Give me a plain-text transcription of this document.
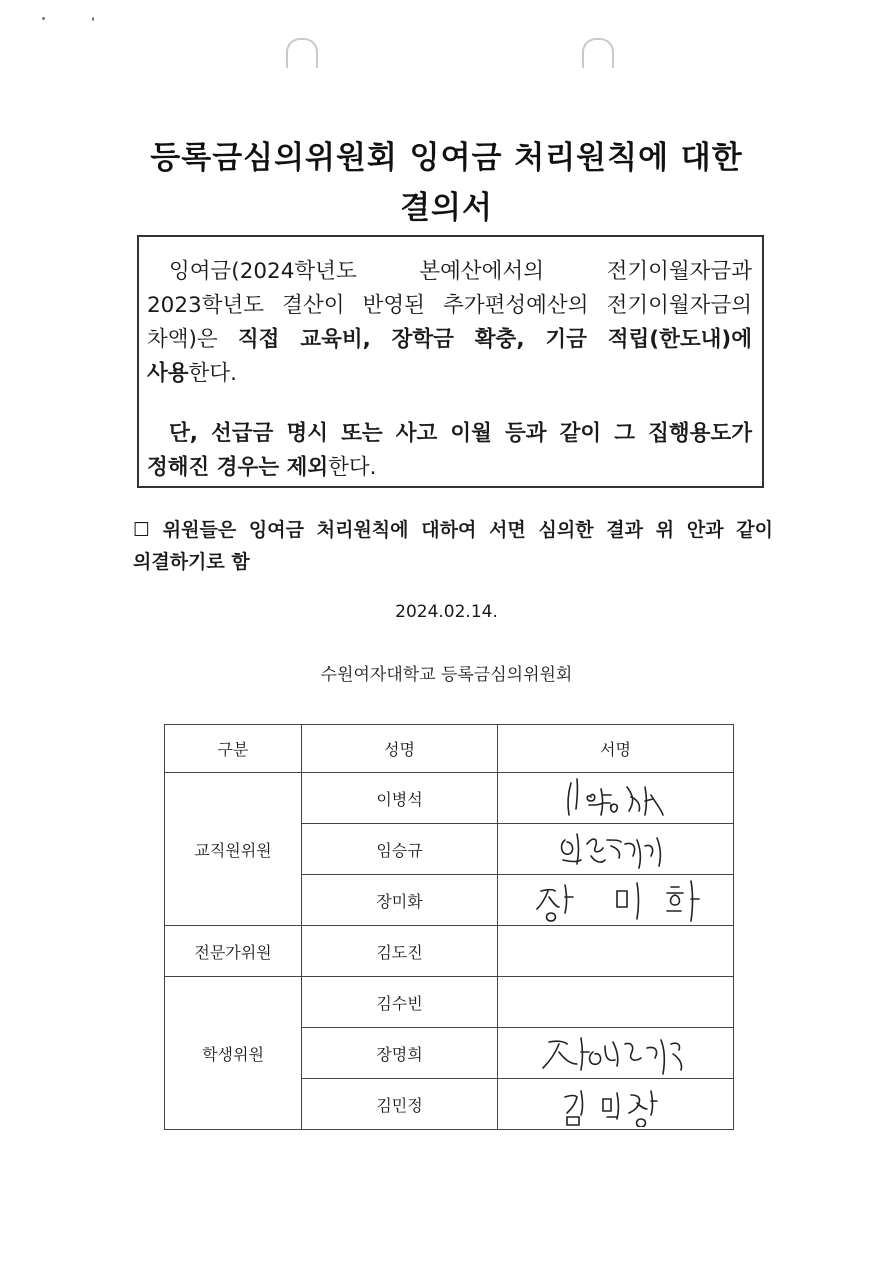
등록금심의위원회 잉여금 처리원칙에 대한
결의서

잉여금(2024학년도 본예산에서의 전기이월자금과 2023학년도 결산이 반영된 추가편성예산의 전기이월자금의 차액)은 직접 교육비, 장학금 확충, 기금 적립(한도내)에 사용한다.

단, 선급금 명시 또는 사고 이월 등과 같이 그 집행용도가 정해진 경우는 제외한다.

☐ 위원들은 잉여금 처리원칙에 대하여 서면 심의한 결과 위 안과 같이 의결하기로 함
2024.02.14.
수원여자대학교 등록금심의위원회
구분	성명	서명
교직원위원	이병석	

	임승규	

	장미화	

전문가위원	김도진	
학생위원	김수빈	
	장명희	

	김민정	
